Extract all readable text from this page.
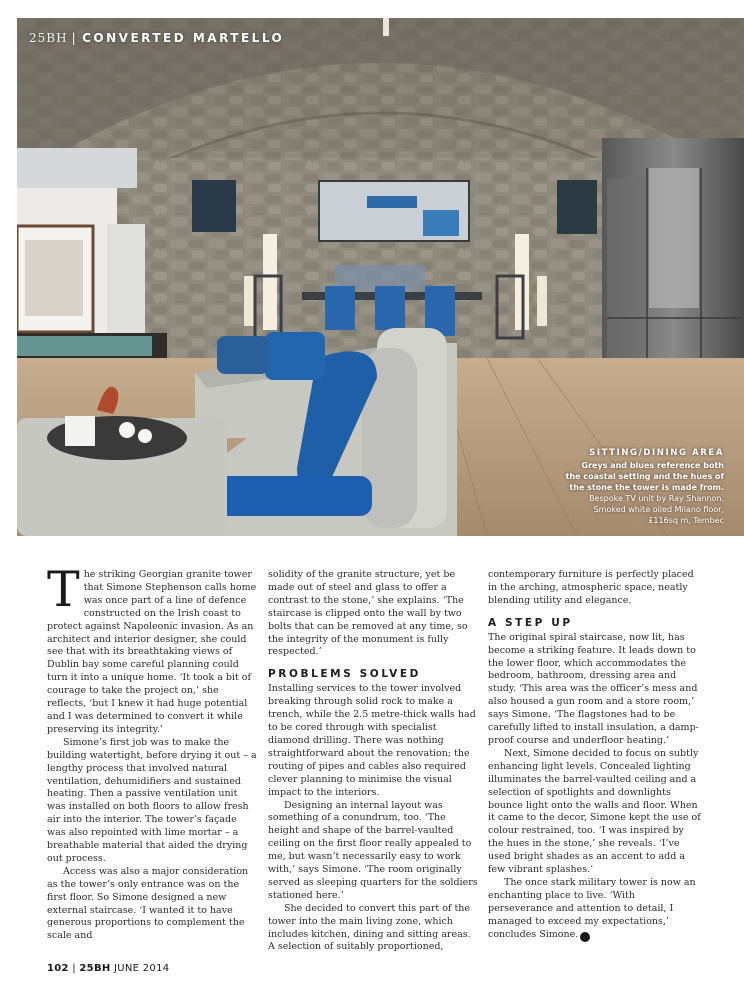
25BH | CONVERTED MARTELLO
SITTING/DINING AREA
Greys and blues reference both
the coastal setting and the hues of
the stone the tower is made from.
Bespoke TV unit by Ray Shannon.
Smoked white oiled Milano floor,
£116sq m, Tembec

The striking Georgian granite tower that Simone Stephenson calls home was once part of a line of defence constructed on the Irish coast to protect against Napoleonic invasion. As an architect and interior designer, she could see that with its breathtaking views of Dublin bay some careful planning could turn it into a unique home. ‘It took a bit of courage to take the project on,’ she reflects, ‘but I knew it had huge potential and I was determined to convert it while preserving its integrity.’

Simone’s first job was to make the building watertight, before drying it out – a lengthy process that involved natural ventilation, dehumidifiers and sustained heating. Then a passive ventilation unit was installed on both floors to allow fresh air into the interior. The tower’s façade was also repointed with lime mortar – a breathable material that aided the drying out process.

Access was also a major consideration as the tower’s only entrance was on the first floor. So Simone designed a new external staircase. ‘I wanted it to have generous proportions to complement the scale and

solidity of the granite structure, yet be made out of steel and glass to offer a contrast to the stone,’ she explains. ‘The staircase is clipped onto the wall by two bolts that can be removed at any time, so the integrity of the monument is fully respected.’

PROBLEMS SOLVED

Installing services to the tower involved breaking through solid rock to make a trench, while the 2.5 metre-thick walls had to be cored through with specialist diamond drilling. There was nothing straightforward about the renovation; the routing of pipes and cables also required clever planning to minimise the visual impact to the interiors.

Designing an internal layout was something of a conundrum, too. ‘The height and shape of the barrel-vaulted ceiling on the first floor really appealed to me, but wasn’t necessarily easy to work with,’ says Simone. ‘The room originally served as sleeping quarters for the soldiers stationed here.’

She decided to convert this part of the tower into the main living zone, which includes kitchen, dining and sitting areas. A selection of suitably proportioned,

contemporary furniture is perfectly placed in the arching, atmospheric space, neatly blending utility and elegance.

A STEP UP

The original spiral staircase, now lit, has become a striking feature. It leads down to the lower floor, which accommodates the bedroom, bathroom, dressing area and study. ‘This area was the officer’s mess and also housed a gun room and a store room,’ says Simone. ‘The flagstones had to be carefully lifted to install insulation, a damp-proof course and underfloor heating.’

Next, Simone decided to focus on subtly enhancing light levels. Concealed lighting illuminates the barrel-vaulted ceiling and a selection of spotlights and downlights bounce light onto the walls and floor. When it came to the decor, Simone kept the use of colour restrained, too. ‘I was inspired by the hues in the stone,’ she reveals. ‘I’ve used bright shades as an accent to add a few vibrant splashes.’

The once stark military tower is now an enchanting place to live. ‘With perseverance and attention to detail, I managed to exceed my expectations,’ concludes Simone.	25

102 | 25BH JUNE 2014
